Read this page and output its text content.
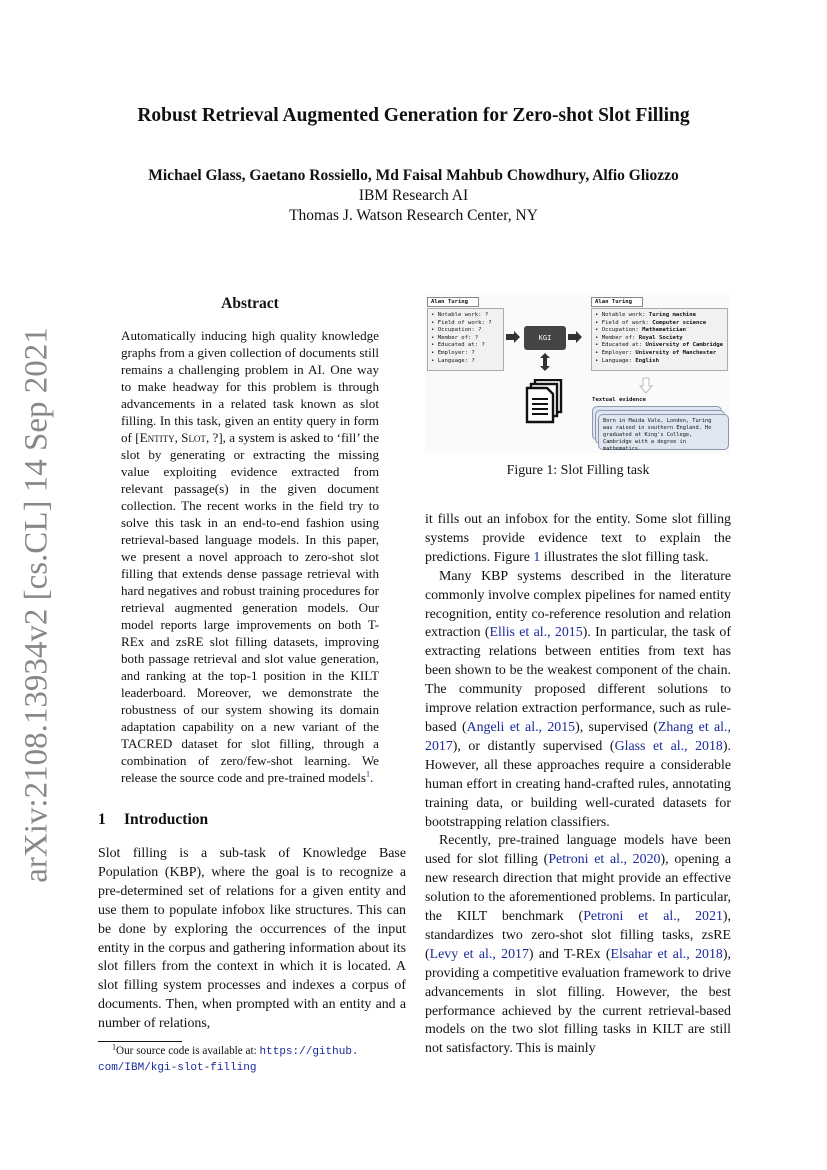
arXiv:2108.13934v2 [cs.CL] 14 Sep 2021
Robust Retrieval Augmented Generation for Zero-shot Slot Filling
Michael Glass, Gaetano Rossiello, Md Faisal Mahbub Chowdhury, Alfio Gliozzo
IBM Research AI
Thomas J. Watson Research Center, NY
Abstract
Automatically inducing high quality knowledge graphs from a given collection of documents still remains a challenging problem in AI. One way to make headway for this problem is through advancements in a related task known as slot filling. In this task, given an entity query in form of [Entity, Slot, ?], a system is asked to ‘fill’ the slot by generating or extracting the missing value exploiting evidence extracted from relevant passage(s) in the given document collection. The recent works in the field try to solve this task in an end-to-end fashion using retrieval-based language models. In this paper, we present a novel approach to zero-shot slot filling that extends dense passage retrieval with hard negatives and robust training procedures for retrieval augmented generation models. Our model reports large improvements on both T-REx and zsRE slot filling datasets, improving both passage retrieval and slot value generation, and ranking at the top-1 position in the KILT leaderboard. Moreover, we demonstrate the robustness of our system showing its domain adaptation capability on a new variant of the TACRED dataset for slot filling, through a combination of zero/few-shot learning. We release the source code and pre-trained models$^1$.
1 Introduction

Slot filling is a sub-task of Knowledge Base Population (KBP), where the goal is to recognize a pre-determined set of relations for a given entity and use them to populate infobox like structures. This can be done by exploring the occurrences of the input entity in the corpus and gathering information about its slot fillers from the context in which it is located. A slot filling system processes and indexes a corpus of documents. Then, when prompted with an entity and a number of relations,

$^1$Our source code is available at: https://github.
com/IBM/kgi-slot-filling
Alan Turing
• Notable work: ?
• Field of work: ?
• Occupation: ?
• Member of: ?
• Educated at: ?
• Employer: ?
• Language: ?
KGI
Alan Turing
• Notable work: Turing machine
• Field of work: Computer science
• Occupation: Mathematician
• Member of: Royal Society
• Educated at: University of Cambridge
• Employer: University of Manchester
• Language: English
Textual evidence
Born in Maida Vale, London, Turing was raised in southern England. He graduated at King's College, Cambridge with a degree in mathematics.
Figure 1: Slot Filling task

it fills out an infobox for the entity. Some slot filling systems provide evidence text to explain the predictions. Figure 1 illustrates the slot filling task.

Many KBP systems described in the literature commonly involve complex pipelines for named entity recognition, entity co-reference resolution and relation extraction (Ellis et al., 2015). In particular, the task of extracting relations between entities from text has been shown to be the weakest component of the chain. The community proposed different solutions to improve relation extraction performance, such as rule-based (Angeli et al., 2015), supervised (Zhang et al., 2017), or distantly supervised (Glass et al., 2018). However, all these approaches require a considerable human effort in creating hand-crafted rules, annotating training data, or building well-curated datasets for bootstrapping relation classifiers.

Recently, pre-trained language models have been used for slot filling (Petroni et al., 2020), opening a new research direction that might provide an effective solution to the aforementioned problems. In particular, the KILT benchmark (Petroni et al., 2021), standardizes two zero-shot slot filling tasks, zsRE (Levy et al., 2017) and T-REx (Elsahar et al., 2018), providing a competitive evaluation framework to drive advancements in slot filling. However, the best performance achieved by the current retrieval-based models on the two slot filling tasks in KILT are still not satisfactory. This is mainly
